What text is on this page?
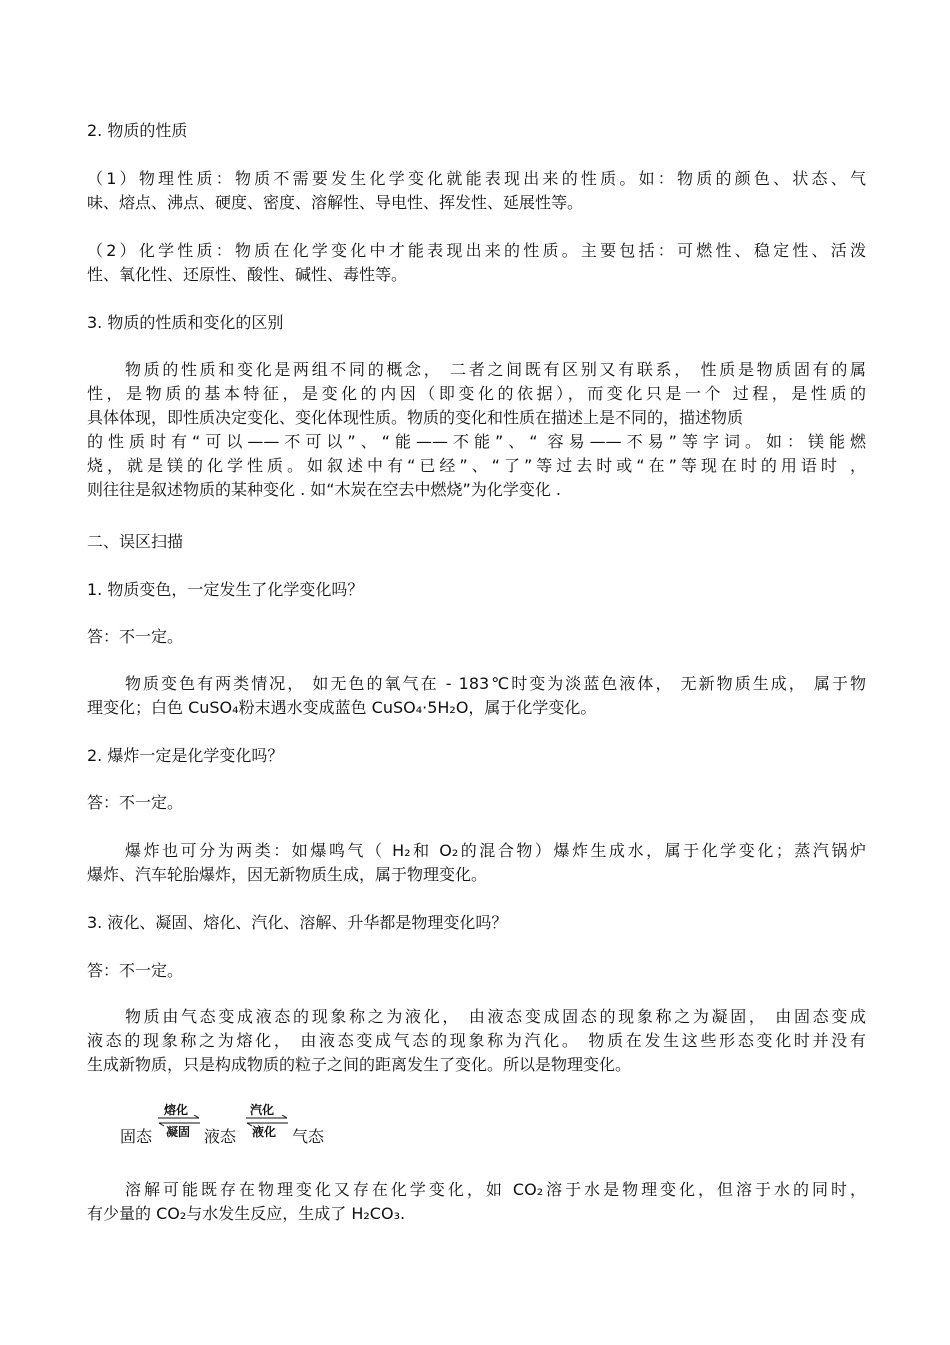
2. 物质的性质
（1）物理性质：物质不需要发生化学变化就能表现出来的性质。如：物质的颜色、状态、气
味、熔点、沸点、硬度、密度、溶解性、导电性、挥发性、延展性等。
（2）化学性质：物质在化学变化中才能表现出来的性质。主要包括：可燃性、稳定性、活泼
性、氧化性、还原性、酸性、碱性、毒性等。
3. 物质的性质和变化的区别
物质的性质和变化是两组不同的概念， 二者之间既有区别又有联系， 性质是物质固有的属
性，是物质的基本特征，是变化的内因（即变化的依据），而变化只是一个 过程，是性质的
具体体现，即性质决定变化、变化体现性质。物质的变化和性质在描述上是不同的，描述物质
的性质时有“可以——不可以”、“能——不能”、“ 容易——不易”等字词。如：镁能燃
烧，就是镁的化学性质。如叙述中有“已经”、“了”等过去时或“在”等现在时的用语时 ，
则往往是叙述物质的某种变化 . 如“木炭在空去中燃烧”为化学变化 .
二、误区扫描
1. 物质变色，一定发生了化学变化吗？
答：不一定。
物质变色有两类情况， 如无色的氧气在 - 183℃时变为淡蓝色液体， 无新物质生成， 属于物
理变化；白色 CuSO₄粉末遇水变成蓝色 CuSO₄·5H₂O，属于化学变化。
2. 爆炸一定是化学变化吗？
答：不一定。
爆炸也可分为两类：如爆鸣气（ H₂和 O₂的混合物）爆炸生成水，属于化学变化；蒸汽锅炉
爆炸、汽车轮胎爆炸，因无新物质生成，属于物理变化。
3. 液化、凝固、熔化、汽化、溶解、升华都是物理变化吗？
答：不一定。
物质由气态变成液态的现象称之为液化， 由液态变成固态的现象称之为凝固， 由固态变成
液态的现象称之为熔化， 由液态变成气态的现象称为汽化。 物质在发生这些形态变化时并没有
生成新物质，只是构成物质的粒子之间的距离发生了变化。所以是物理变化。
固态
熔化
凝固 液态
汽化
液化 气态
溶解可能既存在物理变化又存在化学变化，如 CO₂溶于水是物理变化，但溶于水的同时，
有少量的 CO₂与水发生反应，生成了 H₂CO₃.
